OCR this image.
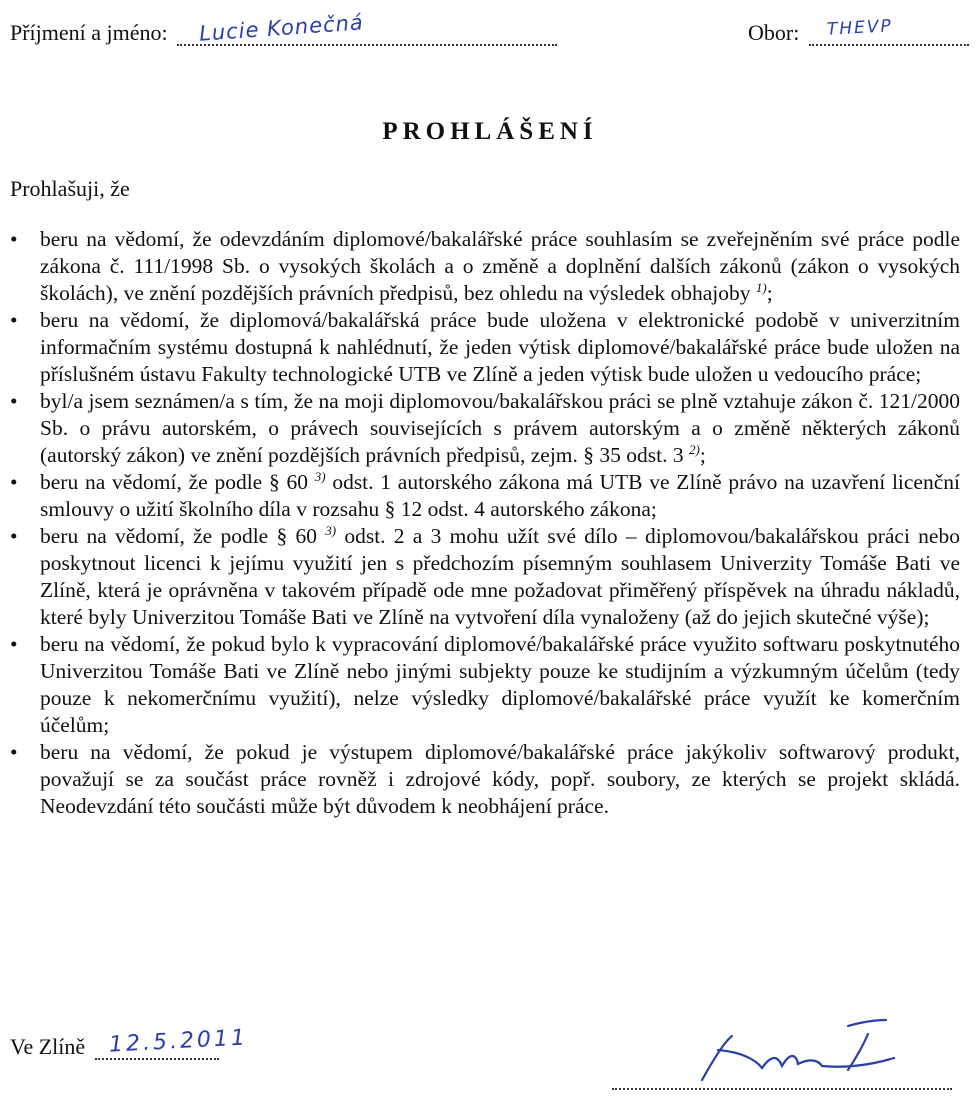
Příjmení a jméno: Lucie Konečná	Obor: THEVP
PROHLÁŠENÍ
Prohlašuji, že
• beru na vědomí, že odevzdáním diplomové/bakalářské práce souhlasím se zveřejněním své práce podle zákona č. 111/1998 Sb. o vysokých školách a o změně a doplnění dalších zákonů (zákon o vysokých školách), ve znění pozdějších právních předpisů, bez ohledu na výsledek obhajoby $^{1)}$;
• beru na vědomí, že diplomová/bakalářská práce bude uložena v elektronické podobě v univerzitním informačním systému dostupná k nahlédnutí, že jeden výtisk diplomové/bakalářské práce bude uložen na příslušném ústavu Fakulty technologické UTB ve Zlíně a jeden výtisk bude uložen u vedoucího práce;
• byl/a jsem seznámen/a s tím, že na moji diplomovou/bakalářskou práci se plně vztahuje zákon č. 121/2000 Sb. o právu autorském, o právech souvisejících s právem autorským a o změně některých zákonů (autorský zákon) ve znění pozdějších právních předpisů, zejm. § 35 odst. 3 $^{2)}$;
• beru na vědomí, že podle § 60 $^{3)}$ odst. 1 autorského zákona má UTB ve Zlíně právo na uzavření licenční smlouvy o užití školního díla v rozsahu § 12 odst. 4 autorského zákona;
• beru na vědomí, že podle § 60 $^{3)}$ odst. 2 a 3 mohu užít své dílo – diplomovou/bakalářskou práci nebo poskytnout licenci k jejímu využití jen s předchozím písemným souhlasem Univerzity Tomáše Bati ve Zlíně, která je oprávněna v takovém případě ode mne požadovat přiměřený příspěvek na úhradu nákladů, které byly Univerzitou Tomáše Bati ve Zlíně na vytvoření díla vynaloženy (až do jejich skutečné výše);
• beru na vědomí, že pokud bylo k vypracování diplomové/bakalářské práce využito softwaru poskytnutého Univerzitou Tomáše Bati ve Zlíně nebo jinými subjekty pouze ke studijním a výzkumným účelům (tedy pouze k nekomerčnímu využití), nelze výsledky diplomové/bakalářské práce využít ke komerčním účelům;
• beru na vědomí, že pokud je výstupem diplomové/bakalářské práce jakýkoliv softwarový produkt, považují se za součást práce rovněž i zdrojové kódy, popř. soubory, ze kterých se projekt skládá. Neodevzdání této součásti může být důvodem k neobhájení práce.
Ve Zlíně 12.5.2011
